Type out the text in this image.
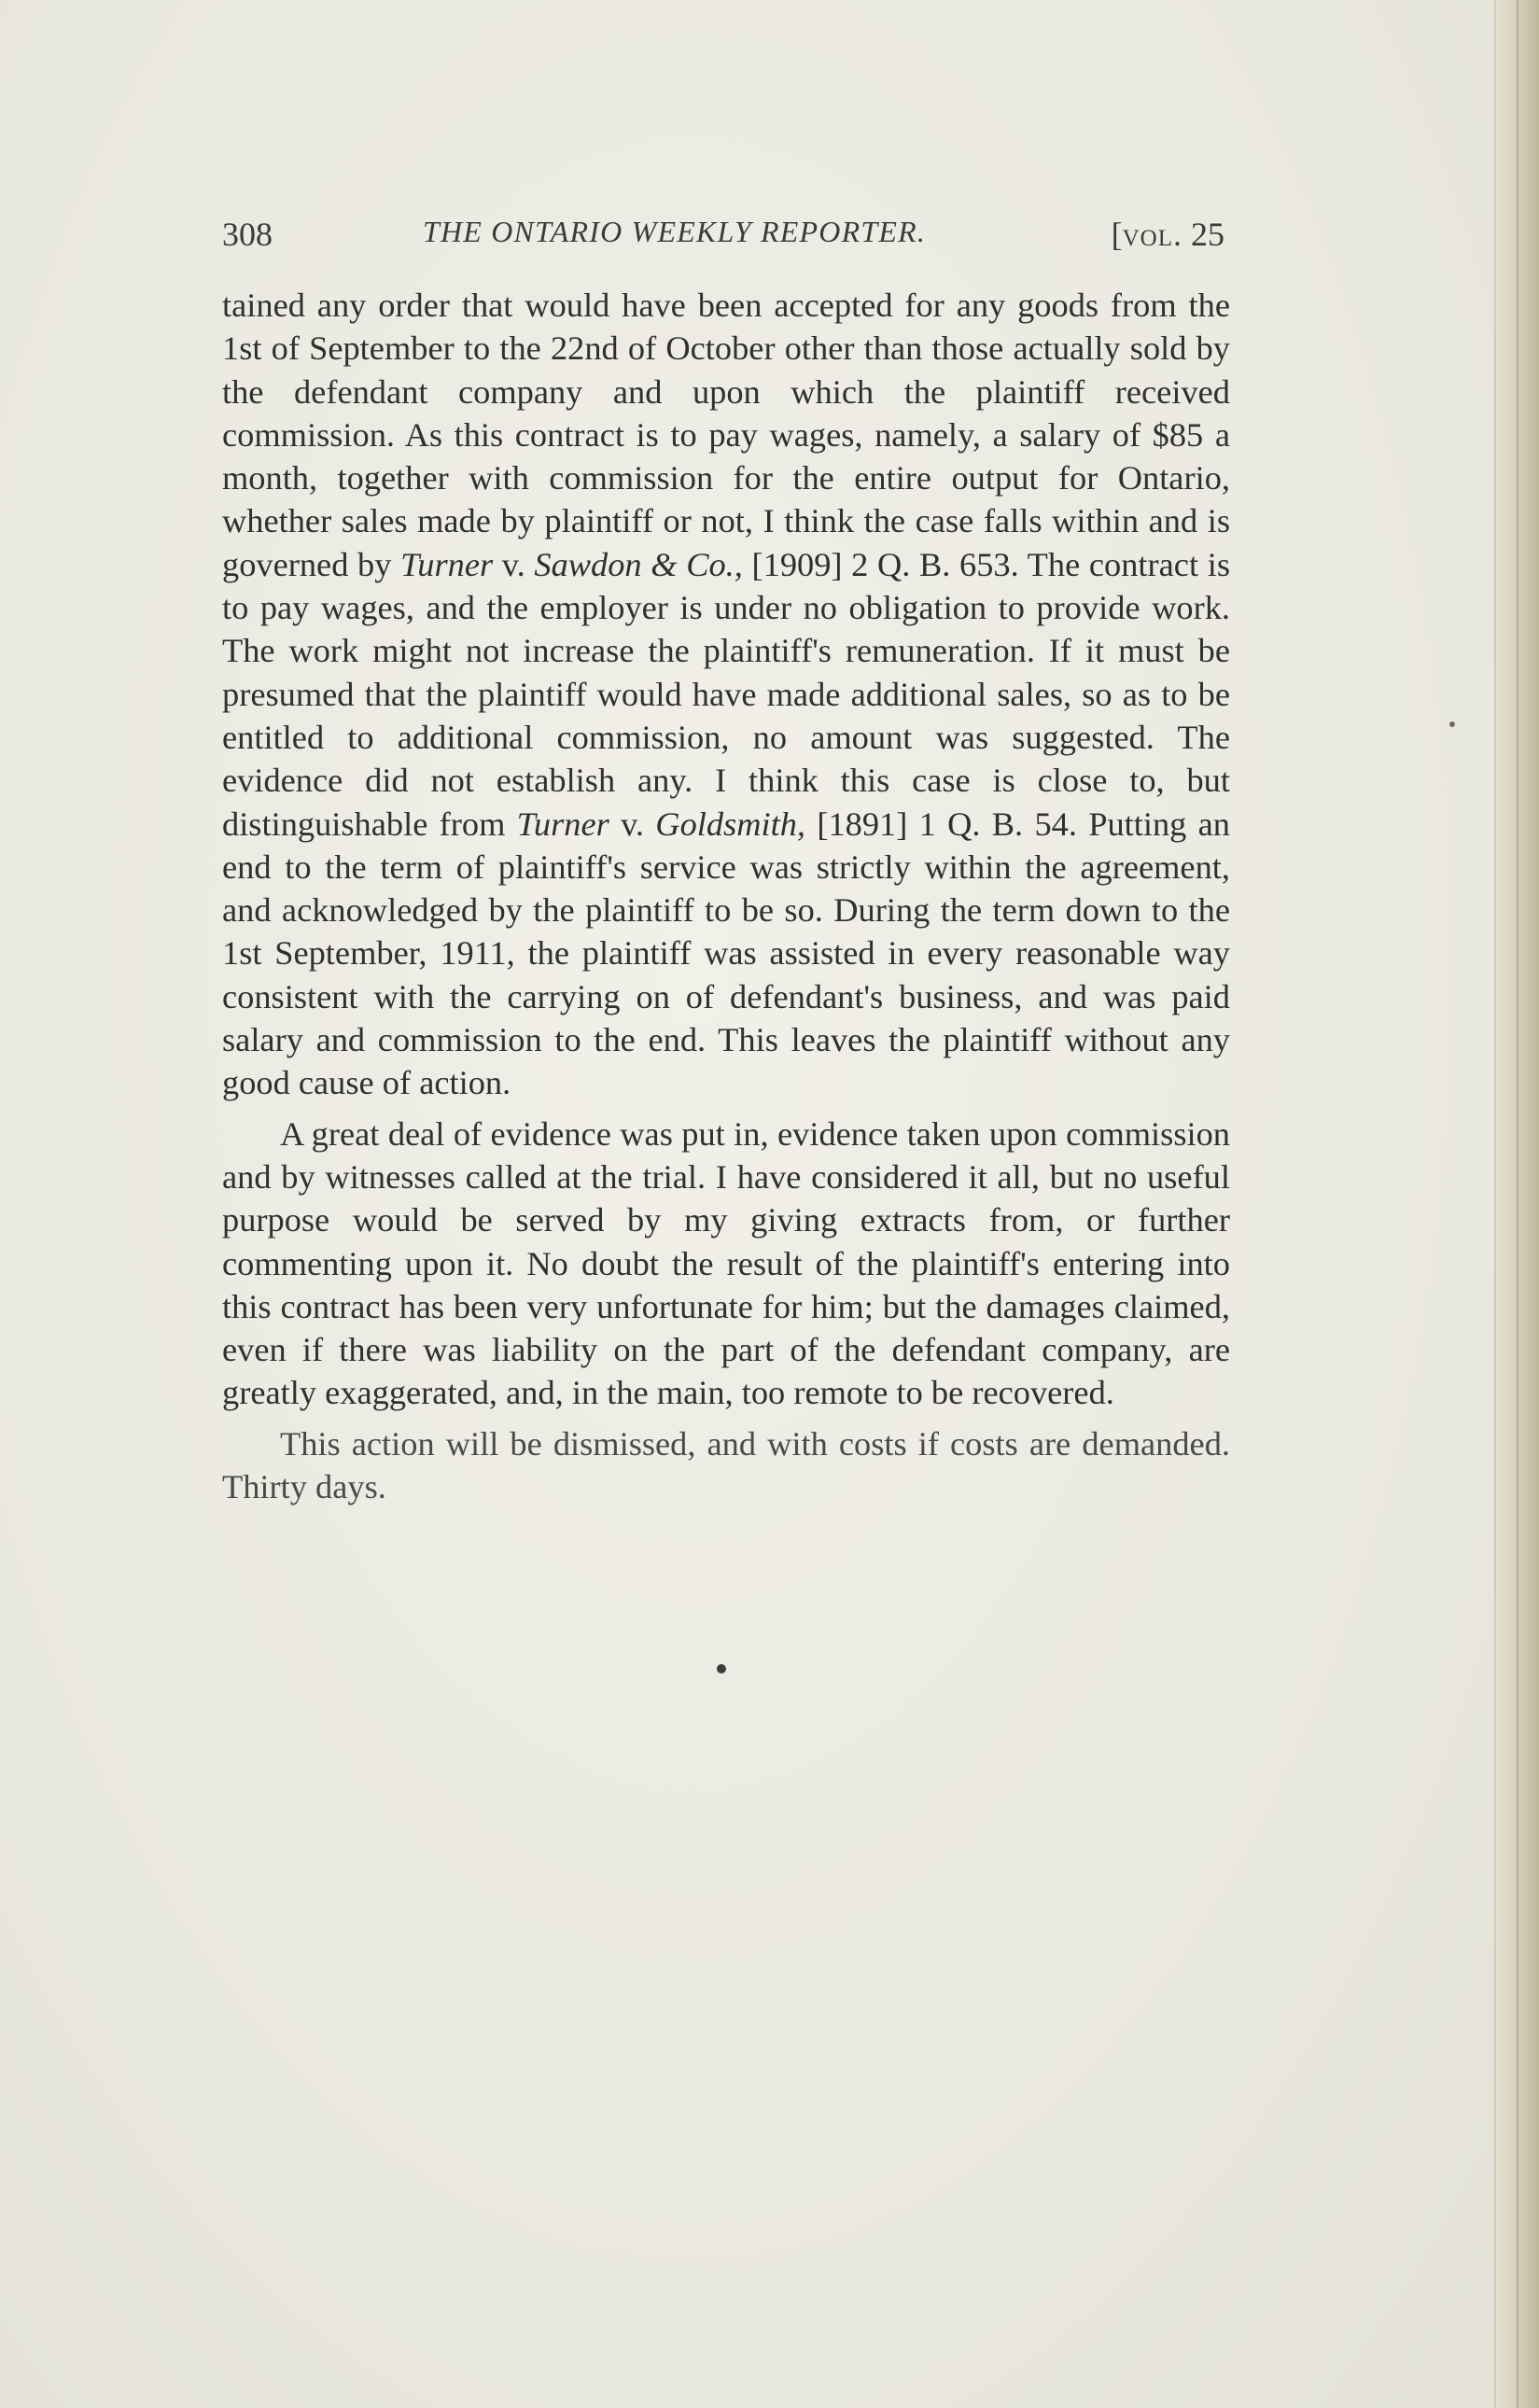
308	THE ONTARIO WEEKLY REPORTER.	[vol. 25

tained any order that would have been accepted for any goods from the 1st of September to the 22nd of October other than those actually sold by the defendant company and upon which the plaintiff received commission. As this contract is to pay wages, namely, a salary of $85 a month, together with commission for the entire output for Ontario, whether sales made by plaintiff or not, I think the case falls within and is governed by Turner v. Sawdon & Co., [1909] 2 Q. B. 653. The contract is to pay wages, and the employer is under no obligation to provide work. The work might not increase the plaintiff's remuneration. If it must be presumed that the plaintiff would have made additional sales, so as to be entitled to additional commission, no amount was suggested. The evidence did not establish any. I think this case is close to, but distinguishable from Turner v. Goldsmith, [1891] 1 Q. B. 54. Putting an end to the term of plaintiff's service was strictly within the agreement, and acknowledged by the plaintiff to be so. During the term down to the 1st September, 1911, the plaintiff was assisted in every reasonable way consistent with the carrying on of defendant's business, and was paid salary and commission to the end. This leaves the plaintiff without any good cause of action.

A great deal of evidence was put in, evidence taken upon commission and by witnesses called at the trial. I have considered it all, but no useful purpose would be served by my giving extracts from, or further commenting upon it. No doubt the result of the plaintiff's entering into this contract has been very unfortunate for him; but the damages claimed, even if there was liability on the part of the defendant company, are greatly exaggerated, and, in the main, too remote to be recovered.

This action will be dismissed, and with costs if costs are demanded. Thirty days.
